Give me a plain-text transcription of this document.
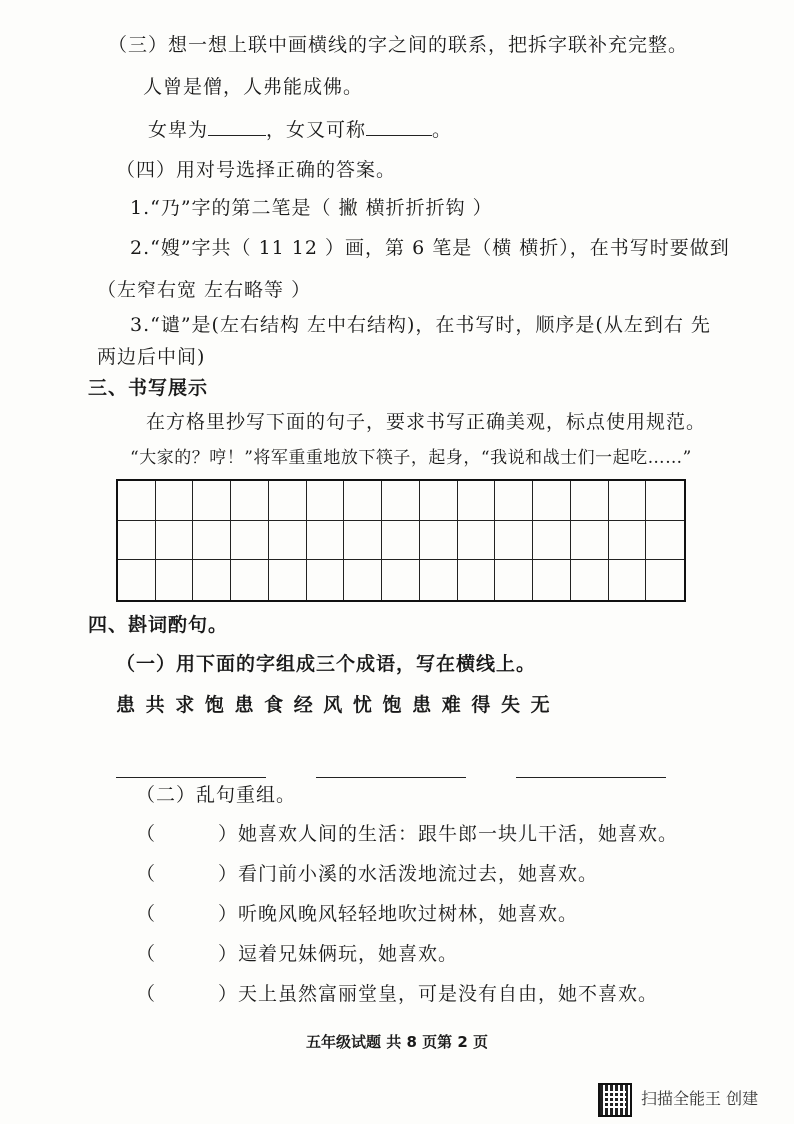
（三）想一想上联中画横线的字之间的联系，把拆字联补充完整。
人曾是僧，人弗能成佛。
女卑为	，女又可称	。
（四）用对号选择正确的答案。
1.“乃”字的第二笔是（ 撇 横折折折钩 ）
2.“嫂”字共（ 11 12 ）画，第 6 笔是（横 横折），在书写时要做到
（左窄右宽 左右略等 ）
3.“谴”是(左右结构 左中右结构)，在书写时，顺序是(从左到右 先
两边后中间)
三、书写展示
在方格里抄写下面的句子，要求书写正确美观，标点使用规范。
“大家的？哼！”将军重重地放下筷子，起身，“我说和战士们一起吃……”
四、斟词酌句。
（一）用下面的字组成三个成语，写在横线上。
患 共 求 饱 患 食 经 风 忧 饱 患 难 得 失 无
（二）乱句重组。
（	）她喜欢人间的生活：跟牛郎一块儿干活，她喜欢。
（	）看门前小溪的水活泼地流过去，她喜欢。
（	）听晚风晚风轻轻地吹过树林，她喜欢。
（	）逗着兄妹俩玩，她喜欢。
（	）天上虽然富丽堂皇，可是没有自由，她不喜欢。
五年级试题 共 8 页第 2 页
扫描全能王 创建
